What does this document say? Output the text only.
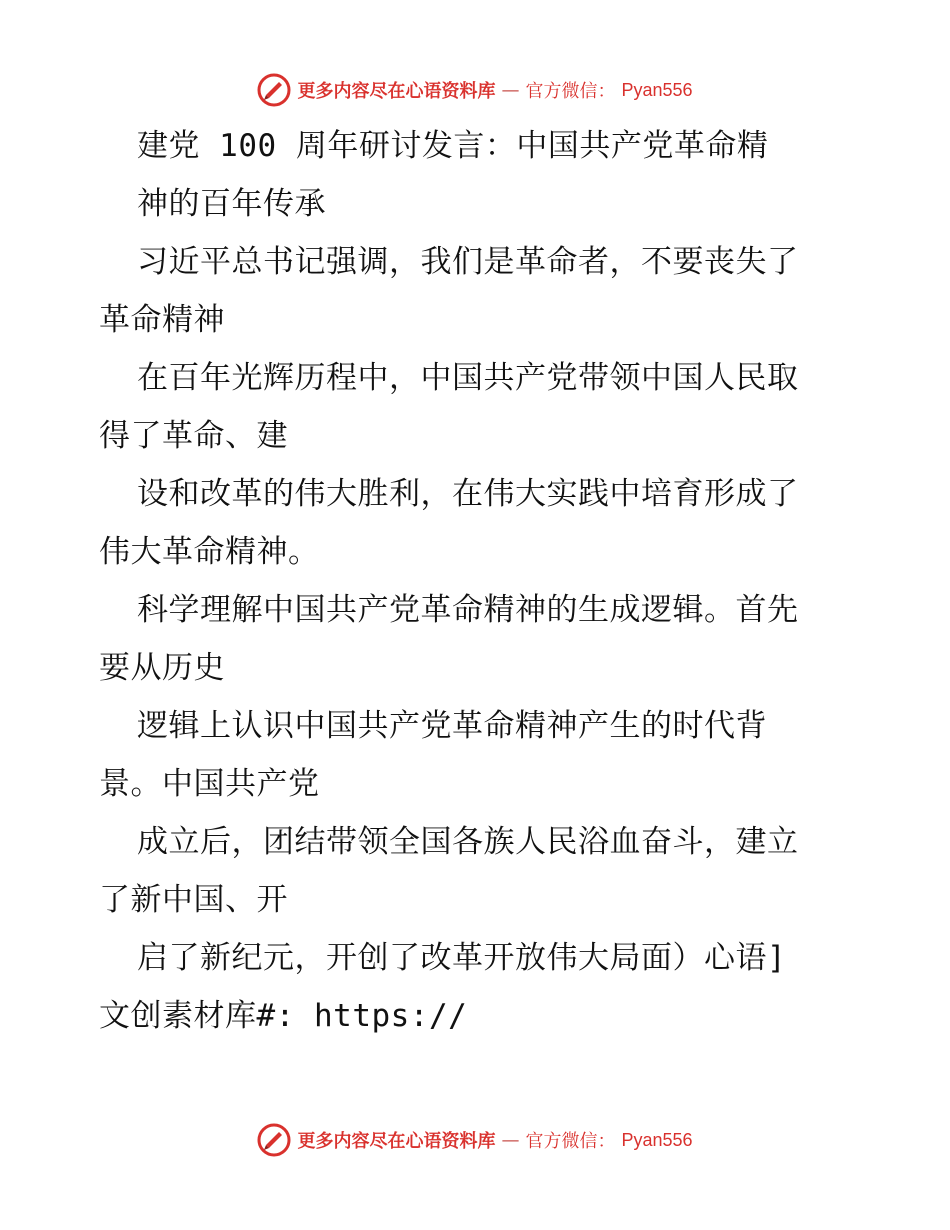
更多内容尽在心语资料库 — 官方微信： Pyan556
建党 100 周年研讨发言：中国共产党革命精
神的百年传承
习近平总书记强调，我们是革命者，不要丧失了
革命精神
在百年光辉历程中，中国共产党带领中国人民取
得了革命、建
设和改革的伟大胜利，在伟大实践中培育形成了
伟大革命精神。
科学理解中国共产党革命精神的生成逻辑。首先
要从历史
逻辑上认识中国共产党革命精神产生的时代背
景。中国共产党
成立后，团结带领全国各族人民浴血奋斗，建立
了新中国、开
启了新纪元，开创了改革开放伟大局面）心语]
文创素材库#: https://
更多内容尽在心语资料库 — 官方微信： Pyan556
